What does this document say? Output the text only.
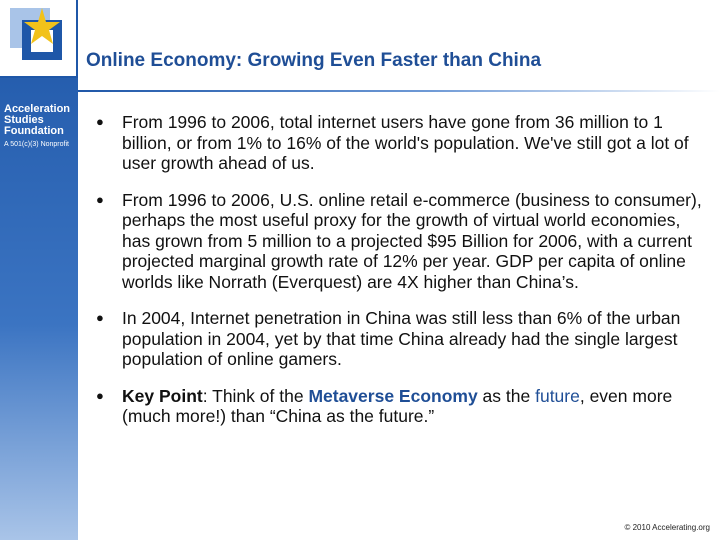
Acceleration Studies Foundation
A 501(c)(3) Nonprofit
Online Economy: Growing Even Faster than China
● From 1996 to 2006, total internet users have gone from 36 million to 1 billion, or from 1% to 16% of the world's population. We've still got a lot of user growth ahead of us.
● From 1996 to 2006, U.S. online retail e-commerce (business to consumer), perhaps the most useful proxy for the growth of virtual world economies, has grown from 5 million to a projected $95 Billion for 2006, with a current projected marginal growth rate of 12% per year. GDP per capita of online worlds like Norrath (Everquest) are 4X higher than China’s.
● In 2004, Internet penetration in China was still less than 6% of the urban population in 2004, yet by that time China already had the single largest population of online gamers.
● Key Point: Think of the Metaverse Economy as the future, even more (much more!) than “China as the future.”
© 2010 Accelerating.org
